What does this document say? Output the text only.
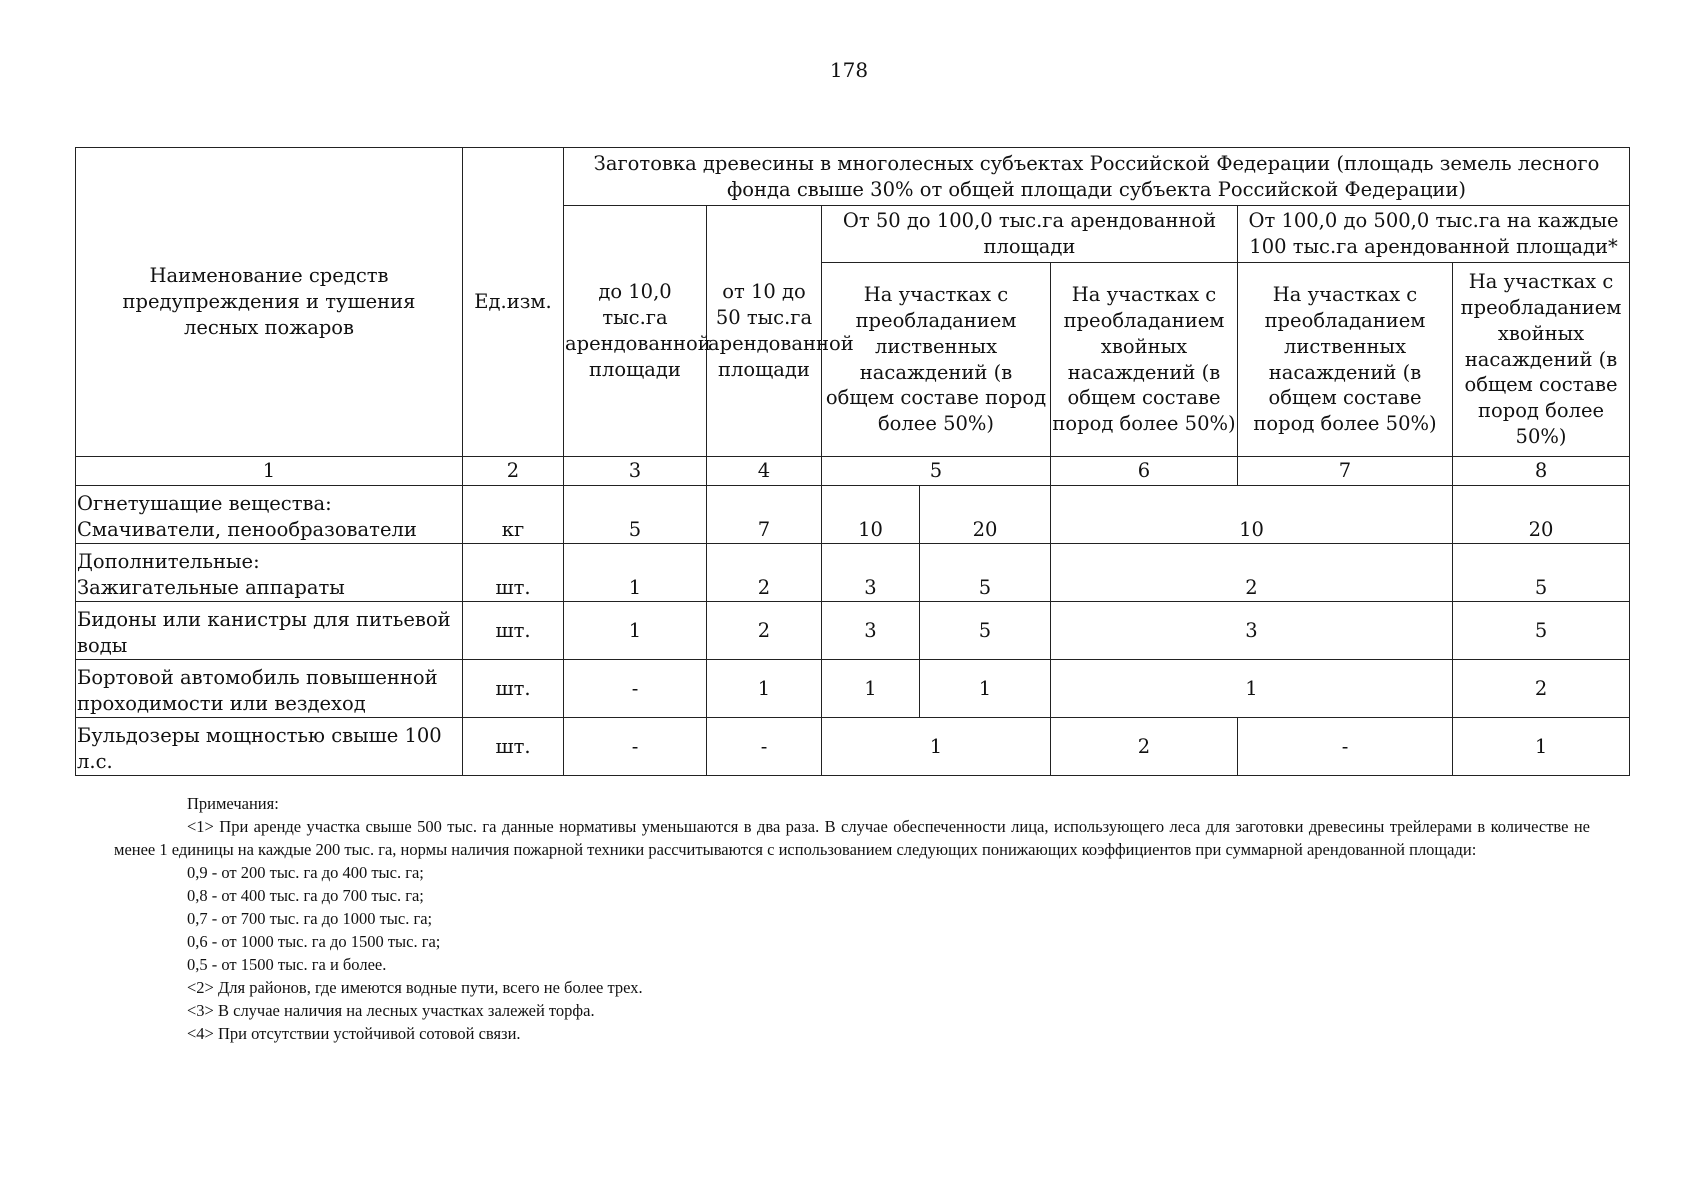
178
Наименование средств предупреждения и тушения лесных пожаров	Ед.изм.	Заготовка древесины в многолесных субъектах Российской Федерации (площадь земель лесного фонда свыше 30% от общей площади субъекта Российской Федерации)						
		до 10,0 тыс.га арендованной площади	от 10 до 50 тыс.га арендованной площади	От 50 до 100,0 тыс.га арендованной площади			От 100,0 до 500,0 тыс.га на каждые 100 тыс.га арендованной площади*	
				На участках с преобладанием лиственных насаждений (в общем составе пород более 50%)		На участках с преобладанием хвойных насаждений (в общем составе пород более 50%)	На участках с преобладанием лиственных насаждений (в общем составе пород более 50%)	На участках с преобладанием хвойных насаждений (в общем составе пород более 50%)

1	2	3	4	5		6	7	8

Огнетушащие вещества:
Смачиватели, пенообразователи	кг	5	7	10	20	10		20

Дополнительные:
Зажигательные аппараты	шт.	1	2	3	5	2		5
Бидоны или канистры для питьевой воды	шт.	1	2	3	5	3		5
Бортовой автомобиль повышенной проходимости или вездеход	шт.	-	1	1	1	1		2
Бульдозеры мощностью свыше 100 л.с.	шт.	-	-	1		2	-	1

Примечания:

<1> При аренде участка свыше 500 тыс. га данные нормативы уменьшаются в два раза. В случае обеспеченности лица, использующего леса для заготовки древесины трейлерами в количестве не менее 1 единицы на каждые 200 тыс. га, нормы наличия пожарной техники рассчитываются с использованием следующих понижающих коэффициентов при суммарной арендованной площади:

0,9 - от 200 тыс. га до 400 тыс. га;

0,8 - от 400 тыс. га до 700 тыс. га;

0,7 - от 700 тыс. га до 1000 тыс. га;

0,6 - от 1000 тыс. га до 1500 тыс. га;

0,5 - от 1500 тыс. га и более.

<2> Для районов, где имеются водные пути, всего не более трех.

<3> В случае наличия на лесных участках залежей торфа.

<4> При отсутствии устойчивой сотовой связи.
